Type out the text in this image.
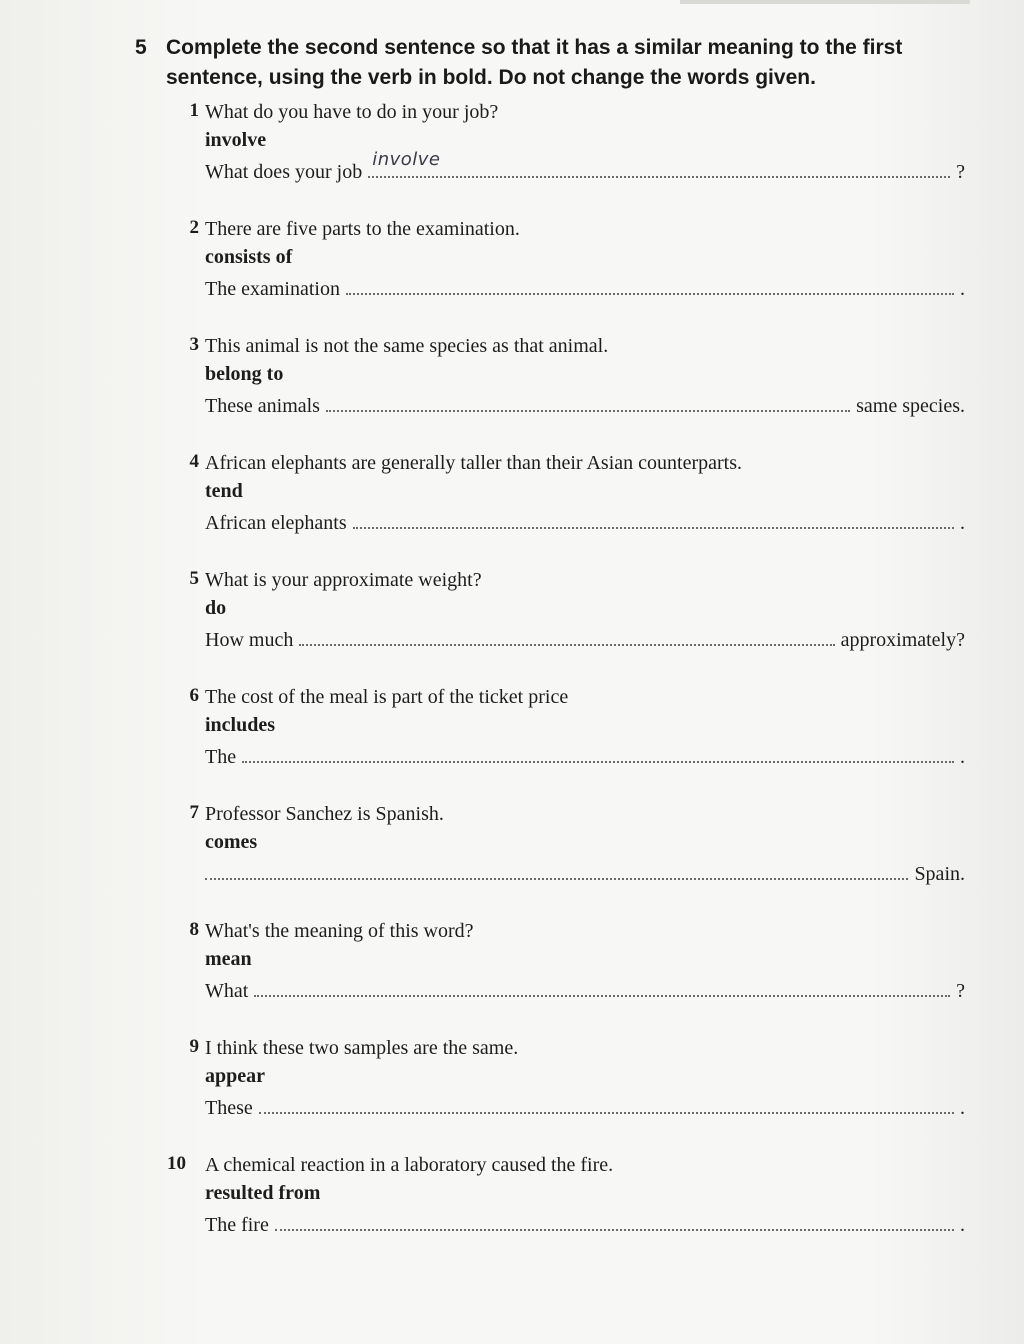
5 Complete the second sentence so that it has a similar meaning to the first sentence, using the verb in bold. Do not change the words given.
1 What do you have to do in your job?
involve
What does your job
involve
?
2 There are five parts to the examination.
consists of
The examination	.
3 This animal is not the same species as that animal.
belong to
These animals	same species.
4 African elephants are generally taller than their Asian counterparts.
tend
African elephants	.
5 What is your approximate weight?
do
How much	approximately?
6 The cost of the meal is part of the ticket price
includes
The	.
7 Professor Sanchez is Spanish.
comes
Spain.
8 What's the meaning of this word?
mean
What	?
9 I think these two samples are the same.
appear
These	.
10 A chemical reaction in a laboratory caused the fire.
resulted from
The fire	.
